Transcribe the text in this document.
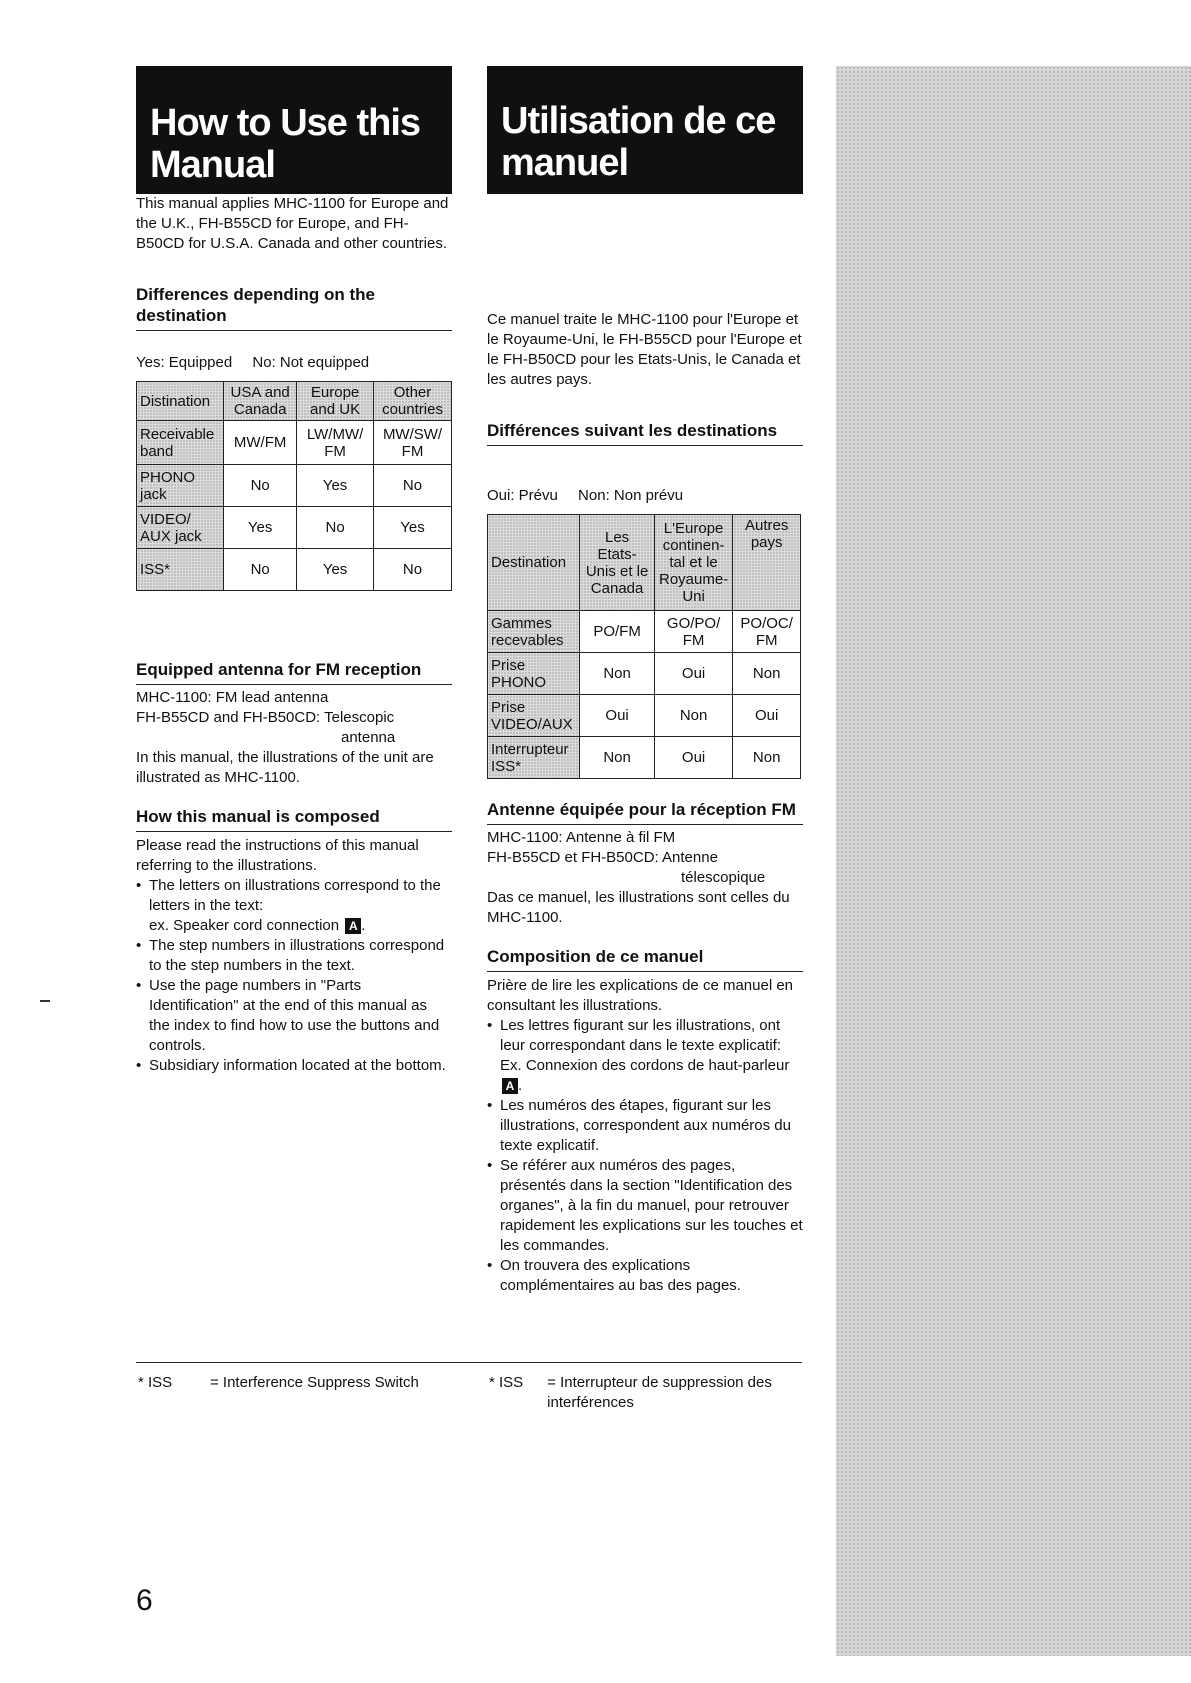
How to Use this Manual

This manual applies MHC-1100 for Europe and the U.K., FH-B55CD for Europe, and FH-B50CD for U.S.A. Canada and other countries.

Differences depending on the destination
Yes: Equipped No: Not equipped
Distination	USA and Canada	Europe and UK	Other countries
Receivable band	MW/FM	LW/MW/ FM	MW/SW/ FM
PHONO jack	No	Yes	No
VIDEO/ AUX jack	Yes	No	Yes
ISS*	No	Yes	No
Equipped antenna for FM reception

MHC-1100: FM lead antenna

FH-B55CD and FH-B50CD: Telescopic

antenna

In this manual, the illustrations of the unit are illustrated as MHC-1100.

How this manual is composed

Please read the instructions of this manual referring to the illustrations.

• The letters on illustrations correspond to the letters in the text:
ex. Speaker cord connection A .
• The step numbers in illustrations correspond to the step numbers in the text.
• Use the page numbers in "Parts Identification" at the end of this manual as the index to find how to use the buttons and controls.
• Subsidiary information located at the bottom.
Utilisation de ce manuel

Ce manuel traite le MHC-1100 pour l'Europe et le Royaume-Uni, le FH-B55CD pour l'Europe et le FH-B50CD pour les Etats-Unis, le Canada et les autres pays.

Différences suivant les destinations
Oui: Prévu Non: Non prévu
Destination	Les Etats-Unis et le Canada	L'Europe continen-tal et le Royaume-Uni	Autres pays
Gammes recevables	PO/FM	GO/PO/ FM	PO/OC/ FM
Prise PHONO	Non	Oui	Non
Prise VIDEO/AUX	Oui	Non	Oui
Interrupteur ISS*	Non	Oui	Non
Antenne équipée pour la réception FM

MHC-1100: Antenne à fil FM

FH-B55CD et FH-B50CD: Antenne

télescopique

Das ce manuel, les illustrations sont celles du MHC-1100.

Composition de ce manuel

Prière de lire les explications de ce manuel en consultant les illustrations.

• Les lettres figurant sur les illustrations, ont leur correspondant dans le texte explicatif: Ex. Connexion des cordons de haut-parleur A .
• Les numéros des étapes, figurant sur les illustrations, correspondent aux numéros du texte explicatif.
• Se référer aux numéros des pages, présentés dans la section "Identification des organes", à la fin du manuel, pour retrouver rapidement les explications sur les touches et les commandes.
• On trouvera des explications complémentaires au bas des pages.
* ISS	= Interference Suppress Switch	* ISS	= Interrupteur de suppression des interférences
6
